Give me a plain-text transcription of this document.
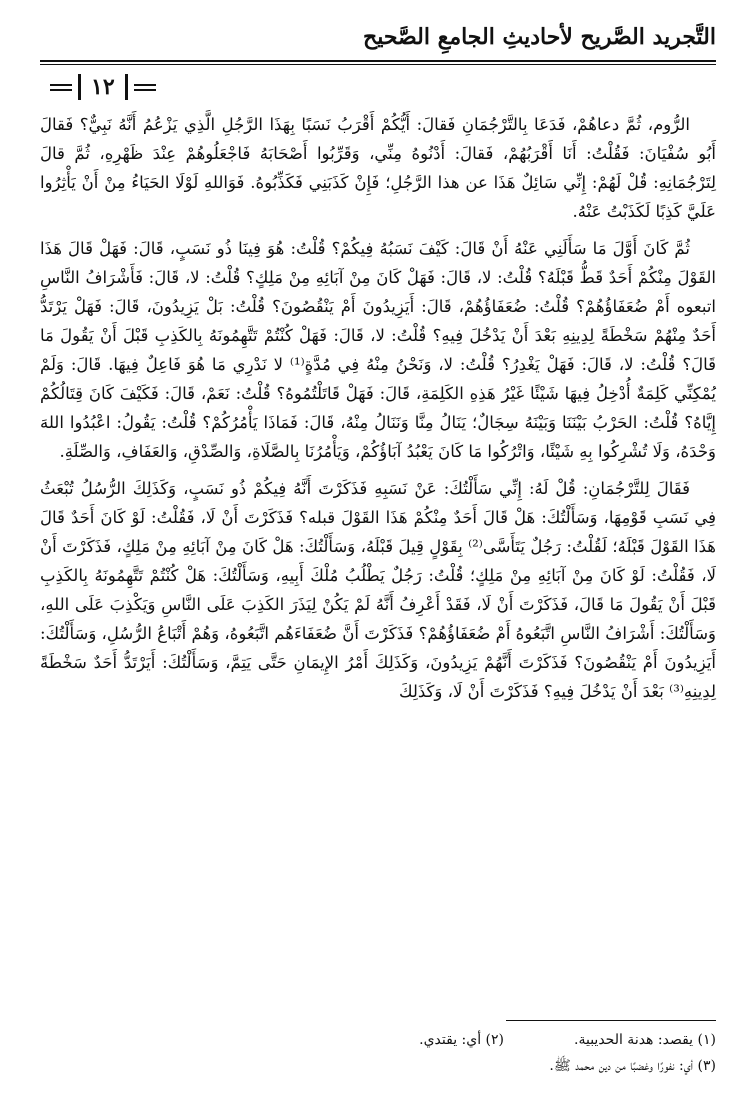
التَّجريد الصَّريح لأحاديثِ الجامعِ الصَّحيح
١٢

الرُّوم، ثُمَّ دعاهُمْ، فَدَعَا بِالتَّرْجُمَانِ فَقالَ: أَيُّكُمْ أَقْرَبُ نَسَبًا بِهَذَا الرَّجُلِ الَّذِي يَزْعُمُ أَنَّهُ نَبِيٌّ؟ فَقالَ أَبُو سُفْيَانَ: فَقُلْتُ: أَنَا أَقْرَبُهُمْ، فَقالَ: أَدْنُوهُ مِنِّي، وَقَرِّبُوا أَصْحَابَهُ فَاجْعَلُوهُمْ عِنْدَ ظَهْرِهِ، ثُمَّ قالَ لِتَرْجُمَانِهِ: قُلْ لَهُمْ: إِنِّي سَائِلٌ هَذَا عن هذا الرَّجُلِ؛ فَإِنْ كَذَبَنِي فَكَذِّبُوهُ. فَوَاللهِ لَوْلَا الحَيَاءُ مِنْ أَنْ يَأْثِرُوا عَلَيَّ كَذِبًا لَكَذَبْتُ عَنْهُ.

ثُمَّ كَانَ أَوَّلَ مَا سَأَلَنِي عَنْهُ أَنْ قَالَ: كَيْفَ نَسَبُهُ فِيكُمْ؟ قُلْتُ: هُوَ فِينَا ذُو نَسَبٍ، قَالَ: فَهَلْ قَالَ هَذَا القَوْلَ مِنْكُمْ أَحَدٌ قَطُّ قَبْلَهُ؟ قُلْتُ: لا، قَالَ: فَهَلْ كَانَ مِنْ آبَائِهِ مِنْ مَلِكٍ؟ قُلْتُ: لا، قَالَ: فَأَشْرَافُ النَّاسِ اتبعوه أَمْ ضُعَفَاؤُهُمْ؟ قُلْتُ: ضُعَفَاؤُهُمْ، قَالَ: أَيَزِيدُونَ أَمْ يَنْقُصُونَ؟ قُلْتُ: بَلْ يَزِيدُونَ، قَالَ: فَهَلْ يَرْتَدُّ أَحَدٌ مِنْهُمْ سَخْطَةً لِدِينِهِ بَعْدَ أَنْ يَدْخُلَ فِيهِ؟ قُلْتُ: لا، قَالَ: فَهَلْ كُنْتُمْ تَتَّهِمُونَهُ بِالكَذِبِ قَبْلَ أَنْ يَقُولَ مَا قَالَ؟ قُلْتُ: لا، قَالَ: فَهَلْ يَغْدِرُ؟ قُلْتُ: لا، وَنَحْنُ مِنْهُ فِي مُدَّةٍ⁽¹⁾ لا نَدْرِي مَا هُوَ فَاعِلٌ فِيهَا. قَالَ: وَلَمْ يُمْكِنِّي كَلِمَةٌ أُدْخِلُ فِيهَا شَيْئًا غَيْرُ هَذِهِ الكَلِمَةِ، قَالَ: فَهَلْ قَاتَلْتُمُوهُ؟ قُلْتُ: نَعَمْ، قَالَ: فَكَيْفَ كَانَ قِتَالُكُمْ إِيَّاهُ؟ قُلْتُ: الحَرْبُ بَيْنَنَا وَبَيْنَهُ سِجَالٌ؛ يَنَالُ مِنَّا وَنَنَالُ مِنْهُ، قَالَ: فَمَاذَا يَأْمُرُكُمْ؟ قُلْتُ: يَقُولُ: اعْبُدُوا اللهَ وَحْدَهُ، وَلَا تُشْرِكُوا بِهِ شَيْئًا، وَاتْرُكُوا مَا كَانَ يَعْبُدُ آبَاؤُكُمْ، وَيَأْمُرُنَا بِالصَّلَاةِ، وَالصِّدْقِ، وَالعَفَافِ، وَالصِّلَةِ.

فَقَالَ لِلتَّرْجُمَانِ: قُلْ لَهُ: إِنِّي سَأَلْتُكَ: عَنْ نَسَبِهِ فَذَكَرْتَ أَنَّهُ فِيكُمْ ذُو نَسَبٍ، وَكَذَلِكَ الرُّسُلُ تُبْعَثُ فِي نَسَبِ قَوْمِهَا، وَسَأَلْتُكَ: هَلْ قَالَ أَحَدٌ مِنْكُمْ هَذَا القَوْلَ قبله؟ فَذَكَرْتَ أَنْ لَا، فَقُلْتُ: لَوْ كَانَ أَحَدٌ قَالَ هَذَا القَوْلَ قَبْلَهُ؛ لَقُلْتُ: رَجُلٌ يَتَأَسَّى⁽²⁾ بِقَوْلٍ قِيلَ قَبْلَهُ، وَسَأَلْتُكَ: هَلْ كَانَ مِنْ آبَائِهِ مِنْ مَلِكٍ، فَذَكَرْتَ أَنْ لَا، فَقُلْتُ: لَوْ كَانَ مِنْ آبَائِهِ مِنْ مَلِكٍ؛ قُلْتُ: رَجُلٌ يَطْلُبُ مُلْكَ أَبِيهِ، وَسَأَلْتُكَ: هَلْ كُنْتُمْ تَتَّهِمُونَهُ بِالكَذِبِ قَبْلَ أَنْ يَقُولَ مَا قَالَ، فَذَكَرْتَ أَنْ لَا، فَقَدْ أَعْرِفُ أَنَّهُ لَمْ يَكُنْ لِيَذَرَ الكَذِبَ عَلَى النَّاسِ وَيَكْذِبَ عَلَى اللهِ، وَسَأَلْتُكَ: أَشْرَافُ النَّاسِ اتَّبَعُوهُ أَمْ ضُعَفَاؤُهُمْ؟ فَذَكَرْتَ أَنَّ ضُعَفَاءَهُم اتَّبَعُوهُ، وَهُمْ أَتْبَاعُ الرُّسُلِ، وَسَأَلْتُكَ: أَيَزِيدُونَ أَمْ يَنْقُصُونَ؟ فَذَكَرْتَ أَنَّهُمْ يَزِيدُونَ، وَكَذَلِكَ أَمْرُ الإِيمَانِ حَتَّى يَتِمَّ، وَسَأَلْتُكَ: أَيَرْتَدُّ أَحَدٌ سَخْطَةً لِدِينِهِ⁽³⁾ بَعْدَ أَنْ يَدْخُلَ فِيهِ؟ فَذَكَرْتَ أَنْ لَا، وَكَذَلِكَ

(١) يقصد: هدنة الحديبية.
(٢) أي: يقتدي.
(٣) أي: نفورًا وغضبًا من دين محمد ﷺ.
